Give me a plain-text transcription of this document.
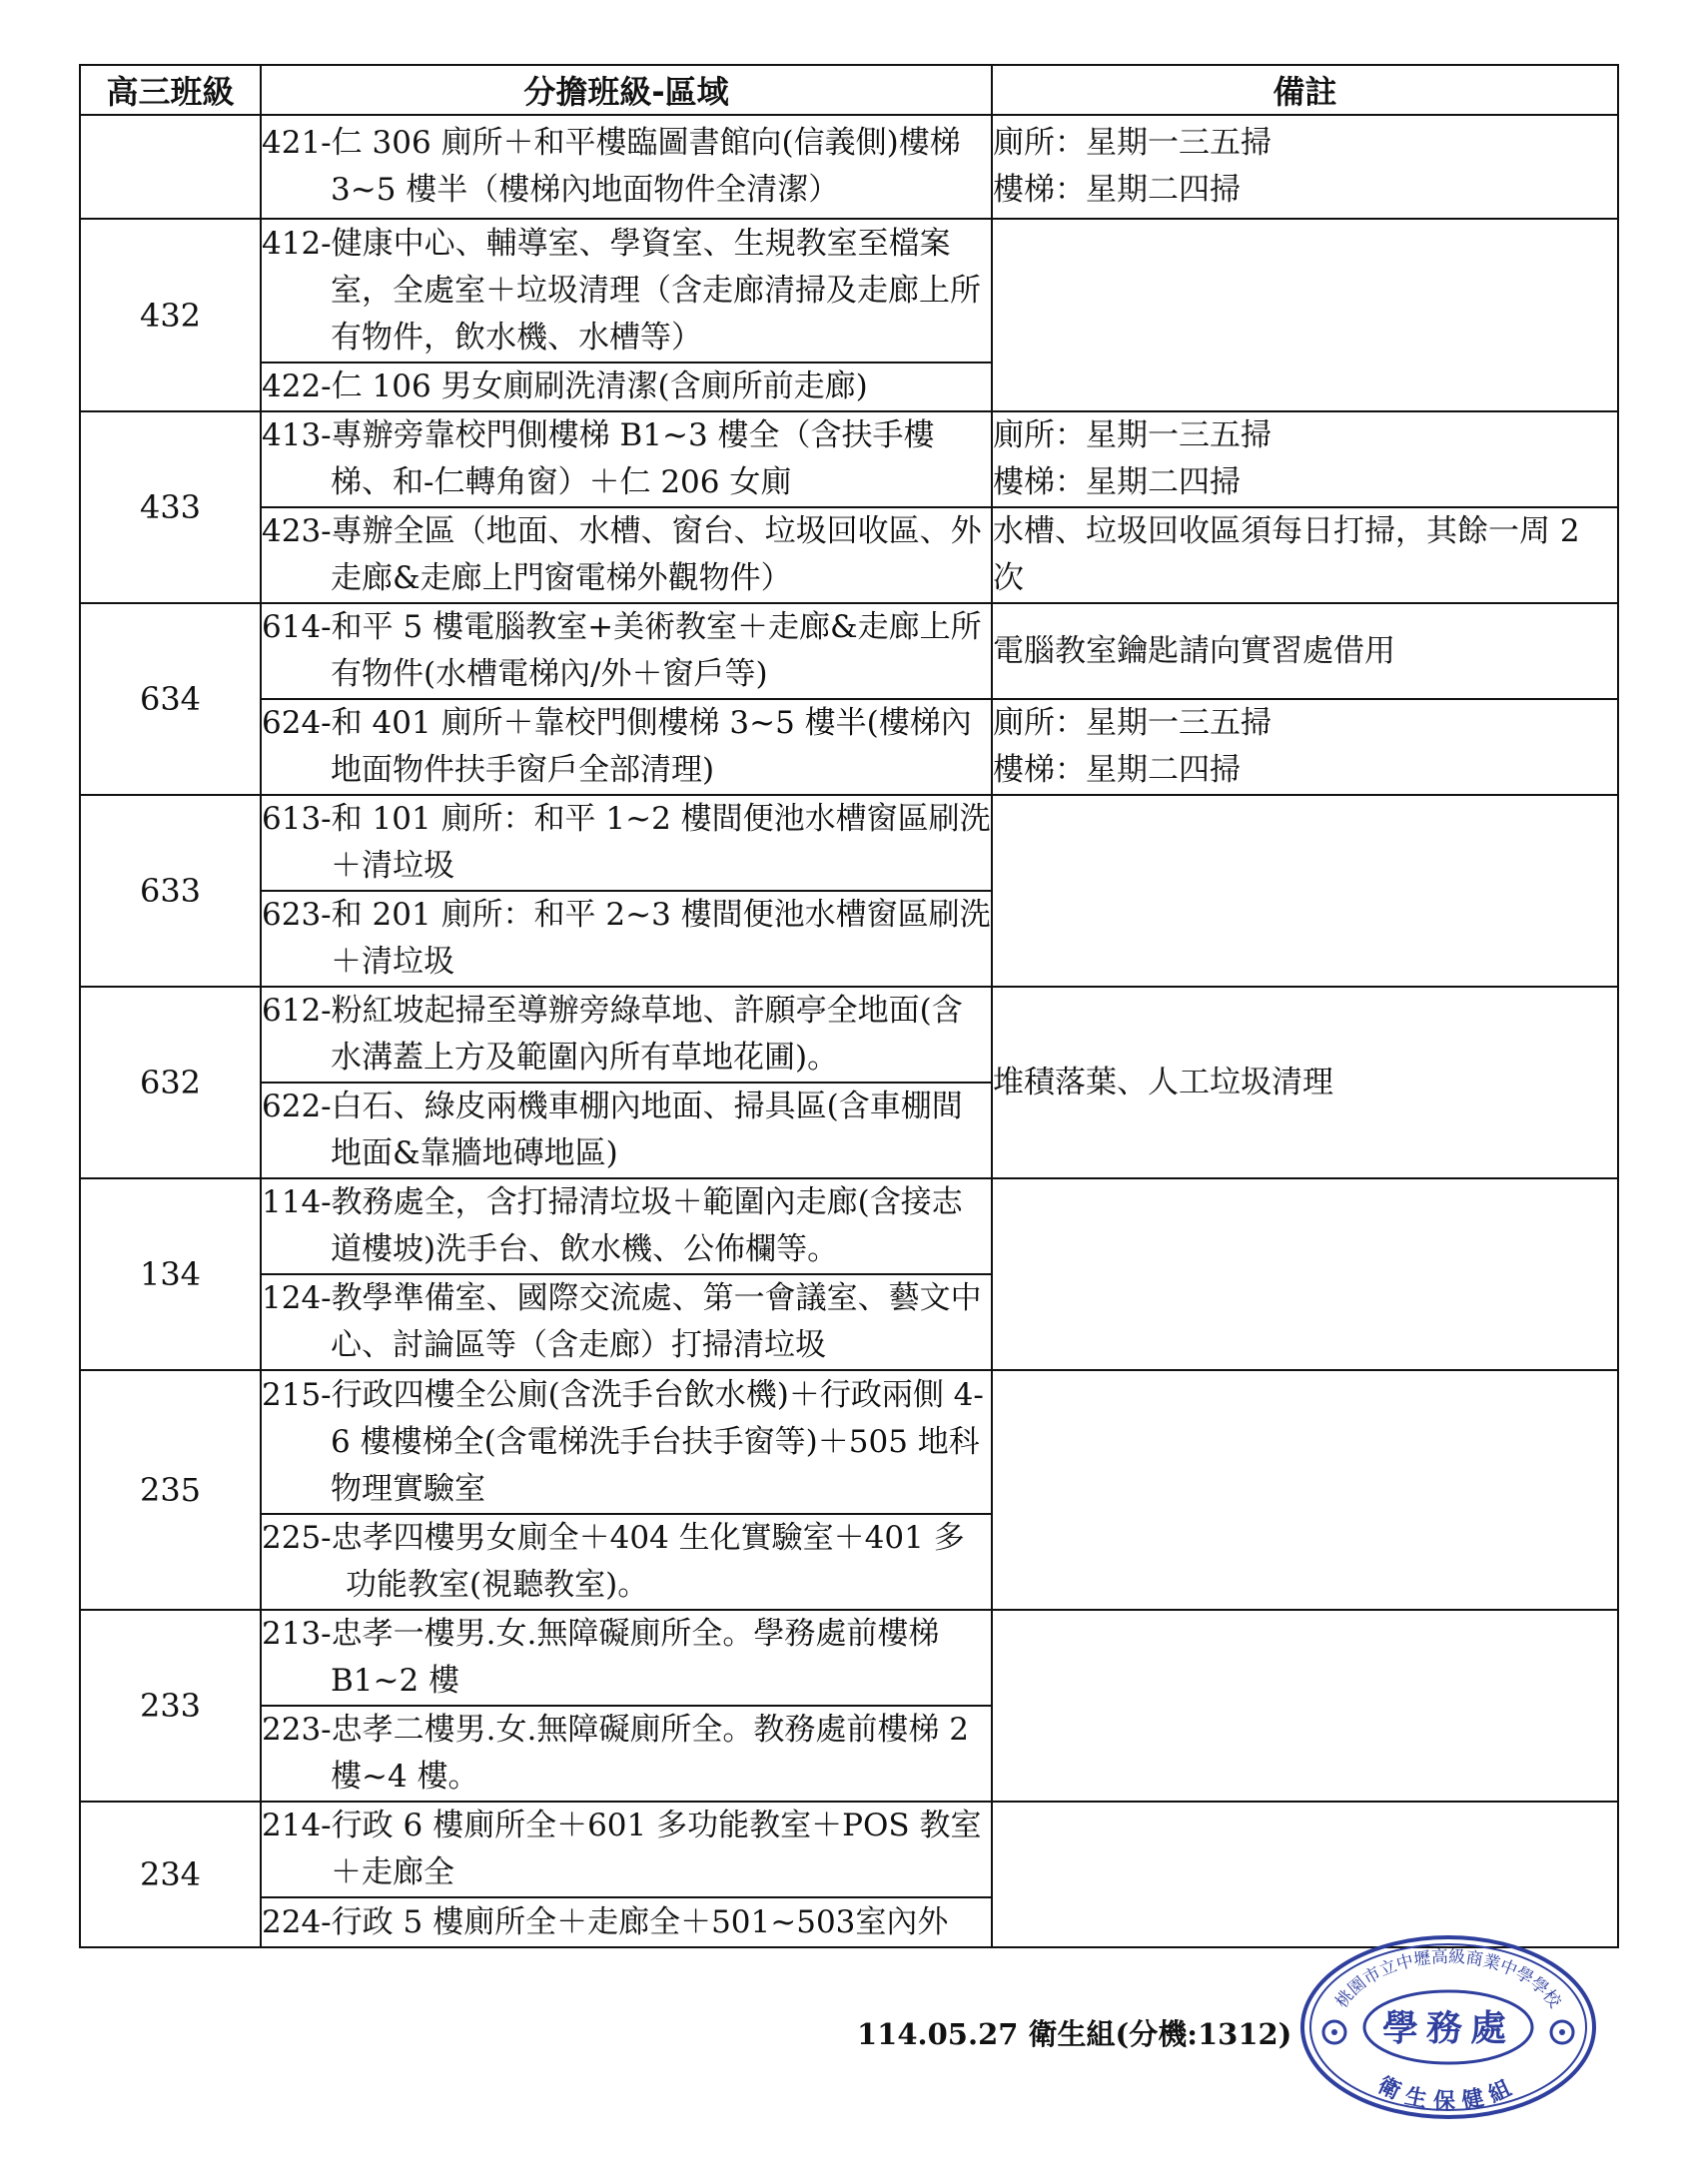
高三班級	分擔班級-區域	備註

	421-仁 306 廁所＋和平樓臨圖書館向(信義側)樓梯 3~5 樓半（樓梯內地面物件全清潔）	廁所：星期一三五掃
樓梯：星期二四掃

432	412-健康中心、輔導室、學資室、生規教室至檔案室，全處室＋垃圾清理（含走廊清掃及走廊上所有物件，飲水機、水槽等）	

	422-仁 106 男女廁刷洗清潔(含廁所前走廊)	

433	413-專辦旁靠校門側樓梯 B1~3 樓全（含扶手樓梯、和-仁轉角窗）＋仁 206 女廁	廁所：星期一三五掃
樓梯：星期二四掃

	423-專辦全區（地面、水槽、窗台、垃圾回收區、外走廊&走廊上門窗電梯外觀物件）	水槽、垃圾回收區須每日打掃，其餘一周 2 次

634	614-和平 5 樓電腦教室+美術教室＋走廊&走廊上所有物件(水槽電梯內/外＋窗戶等)	電腦教室鑰匙請向實習處借用

	624-和 401 廁所＋靠校門側樓梯 3~5 樓半(樓梯內地面物件扶手窗戶全部清理)	廁所：星期一三五掃
樓梯：星期二四掃

633	613-和 101 廁所：和平 1~2 樓間便池水槽窗區刷洗＋清垃圾	

	623-和 201 廁所：和平 2~3 樓間便池水槽窗區刷洗＋清垃圾	

632	612-粉紅坡起掃至導辦旁綠草地、許願亭全地面(含水溝蓋上方及範圍內所有草地花圃)。	堆積落葉、人工垃圾清理

	622-白石、綠皮兩機車棚內地面、掃具區(含車棚間地面&靠牆地磚地區)	

134	114-教務處全，含打掃清垃圾＋範圍內走廊(含接志道樓坡)洗手台、飲水機、公佈欄等。	

	124-教學準備室、國際交流處、第一會議室、藝文中心、討論區等（含走廊）打掃清垃圾	

235	215-行政四樓全公廁(含洗手台飲水機)＋行政兩側 4-6 樓樓梯全(含電梯洗手台扶手窗等)＋505 地科物理實驗室	

	225-忠孝四樓男女廁全＋404 生化實驗室＋401 多功能教室(視聽教室)。	

233	213-忠孝一樓男.女.無障礙廁所全。學務處前樓梯 B1~2 樓	

	223-忠孝二樓男.女.無障礙廁所全。教務處前樓梯 2 樓~4 樓。	

234	214-行政 6 樓廁所全＋601 多功能教室＋POS 教室＋走廊全	

	224-行政 5 樓廁所全＋走廊全＋501~503室內外	
114.05.27 衛生組(分機:1312)
桃園市立中壢高級商業中學學校
學務處
衛生保健組
